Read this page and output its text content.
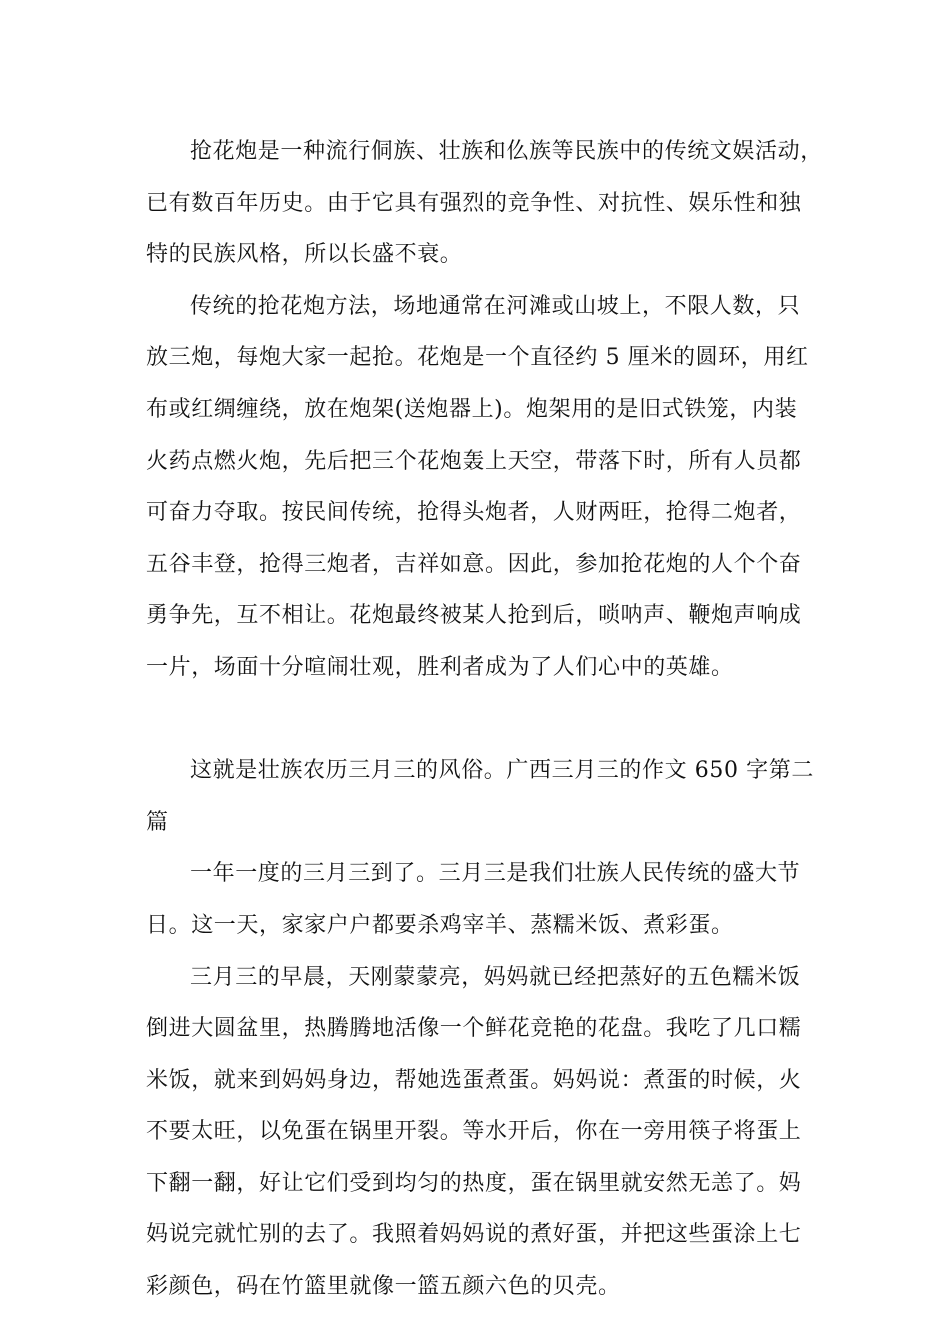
抢花炮是一种流行侗族、壮族和仫族等民族中的传统文娱活动，
已有数百年历史。由于它具有强烈的竞争性、对抗性、娱乐性和独
特的民族风格，所以长盛不衰。
传统的抢花炮方法，场地通常在河滩或山坡上，不限人数，只
放三炮，每炮大家一起抢。花炮是一个直径约 5 厘米的圆环，用红
布或红绸缠绕，放在炮架(送炮器上)。炮架用的是旧式铁笼，内装
火药点燃火炮，先后把三个花炮轰上天空，带落下时，所有人员都
可奋力夺取。按民间传统，抢得头炮者，人财两旺，抢得二炮者，
五谷丰登，抢得三炮者，吉祥如意。因此，参加抢花炮的人个个奋
勇争先，互不相让。花炮最终被某人抢到后，唢呐声、鞭炮声响成
一片，场面十分喧闹壮观，胜利者成为了人们心中的英雄。
这就是壮族农历三月三的风俗。广西三月三的作文 650 字第二
篇
一年一度的三月三到了。三月三是我们壮族人民传统的盛大节
日。这一天，家家户户都要杀鸡宰羊、蒸糯米饭、煮彩蛋。
三月三的早晨，天刚蒙蒙亮，妈妈就已经把蒸好的五色糯米饭
倒进大圆盆里，热腾腾地活像一个鲜花竞艳的花盘。我吃了几口糯
米饭，就来到妈妈身边，帮她选蛋煮蛋。妈妈说：煮蛋的时候，火
不要太旺，以免蛋在锅里开裂。等水开后，你在一旁用筷子将蛋上
下翻一翻，好让它们受到均匀的热度，蛋在锅里就安然无恙了。妈
妈说完就忙别的去了。我照着妈妈说的煮好蛋，并把这些蛋涂上七
彩颜色，码在竹篮里就像一篮五颜六色的贝壳。
